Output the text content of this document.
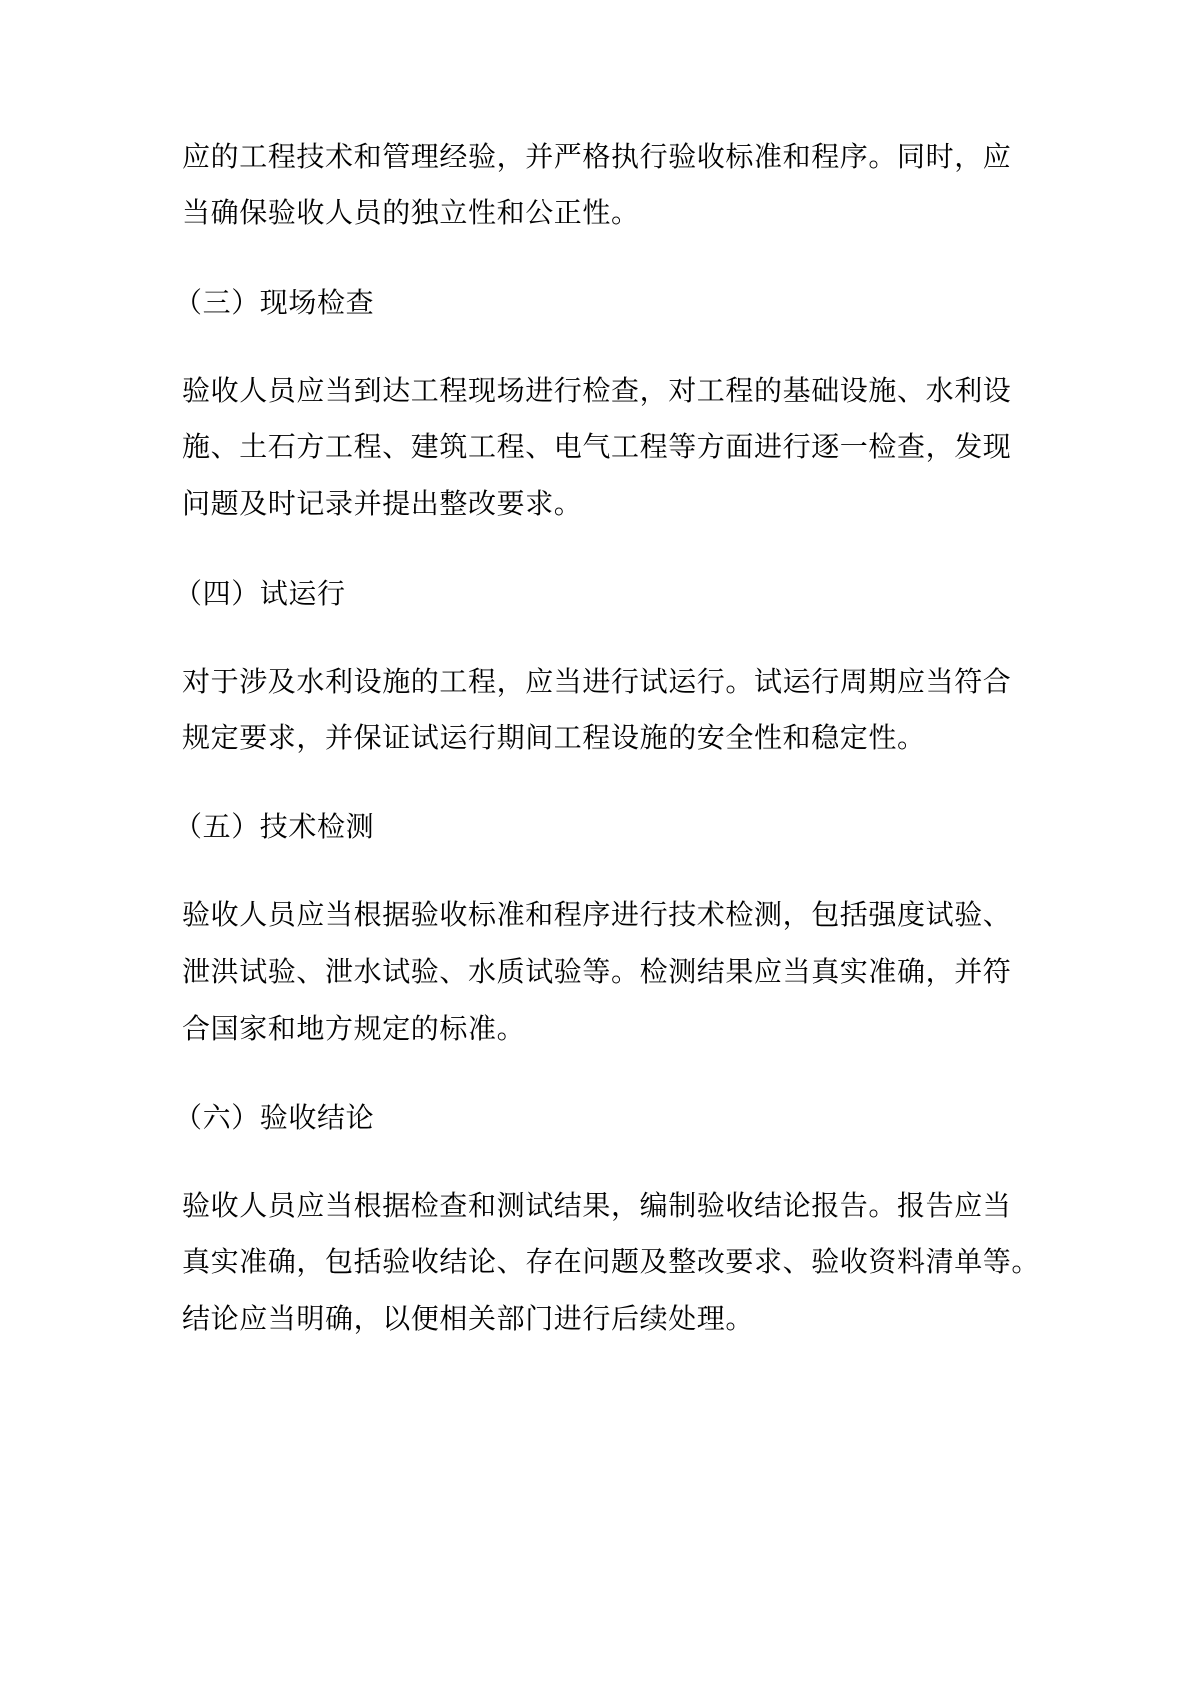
应的工程技术和管理经验，并严格执行验收标准和程序。同时，应

当确保验收人员的独立性和公正性。

（三）现场检查

验收人员应当到达工程现场进行检查，对工程的基础设施、水利设

施、土石方工程、建筑工程、电气工程等方面进行逐一检查，发现

问题及时记录并提出整改要求。

（四）试运行

对于涉及水利设施的工程，应当进行试运行。试运行周期应当符合

规定要求，并保证试运行期间工程设施的安全性和稳定性。

（五）技术检测

验收人员应当根据验收标准和程序进行技术检测，包括强度试验、

泄洪试验、泄水试验、水质试验等。检测结果应当真实准确，并符

合国家和地方规定的标准。

（六）验收结论

验收人员应当根据检查和测试结果，编制验收结论报告。报告应当

真实准确，包括验收结论、存在问题及整改要求、验收资料清单等。

结论应当明确，以便相关部门进行后续处理。
